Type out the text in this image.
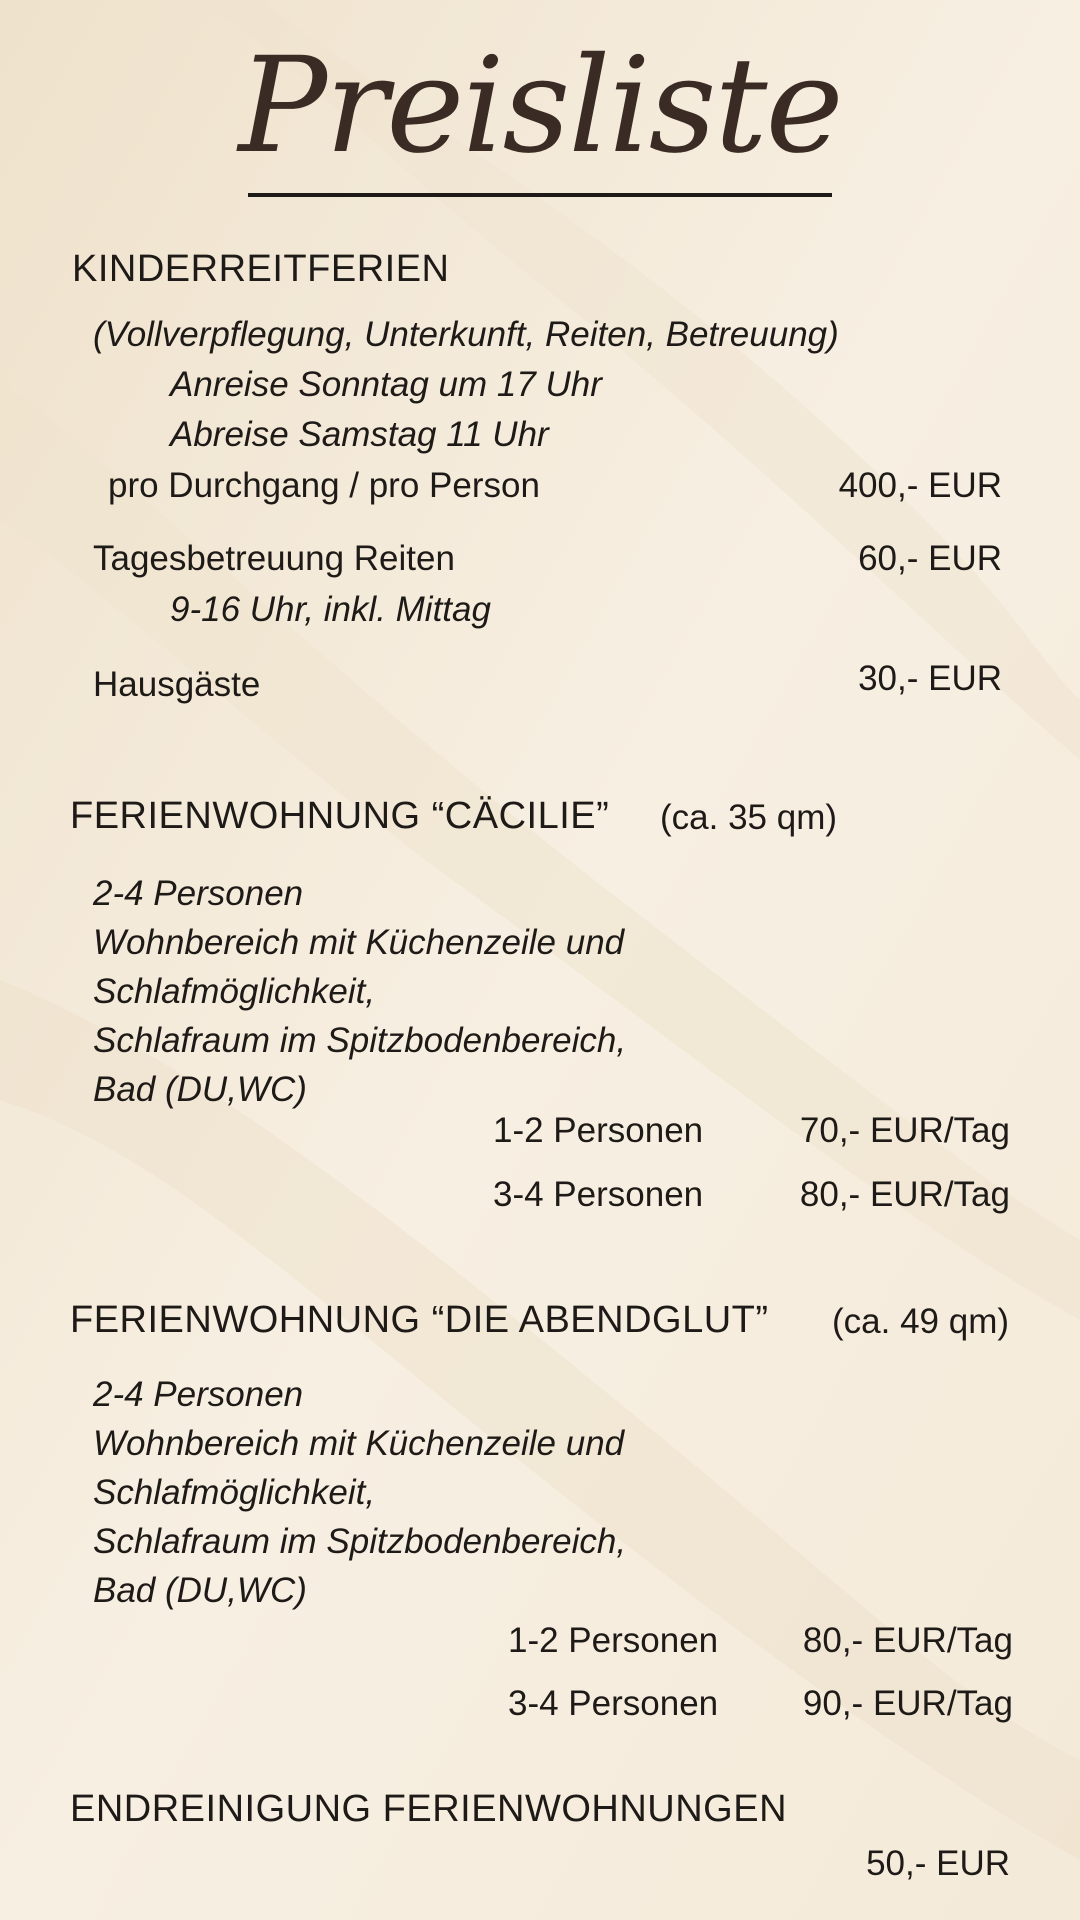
Preisliste
KINDERREITFERIEN
(Vollverpflegung, Unterkunft, Reiten, Betreuung)
Anreise Sonntag um 17 Uhr
Abreise Samstag 11 Uhr
pro Durchgang / pro Person	400,- EUR
Tagesbetreuung Reiten	60,- EUR
9-16 Uhr, inkl. Mittag
Hausgäste	30,- EUR
FERIENWOHNUNG “CÄCILIE” (ca. 35 qm)
2-4 Personen
Wohnbereich mit Küchenzeile und
Schlafmöglichkeit,
Schlafraum im Spitzbodenbereich,
Bad (DU,WC)
1-2 Personen	70,- EUR/Tag
3-4 Personen	80,- EUR/Tag
FERIENWOHNUNG “DIE ABENDGLUT” (ca. 49 qm)
2-4 Personen
Wohnbereich mit Küchenzeile und
Schlafmöglichkeit,
Schlafraum im Spitzbodenbereich,
Bad (DU,WC)
1-2 Personen 80,- EUR/Tag
3-4 Personen 90,- EUR/Tag
ENDREINIGUNG FERIENWOHNUNGEN
50,- EUR
